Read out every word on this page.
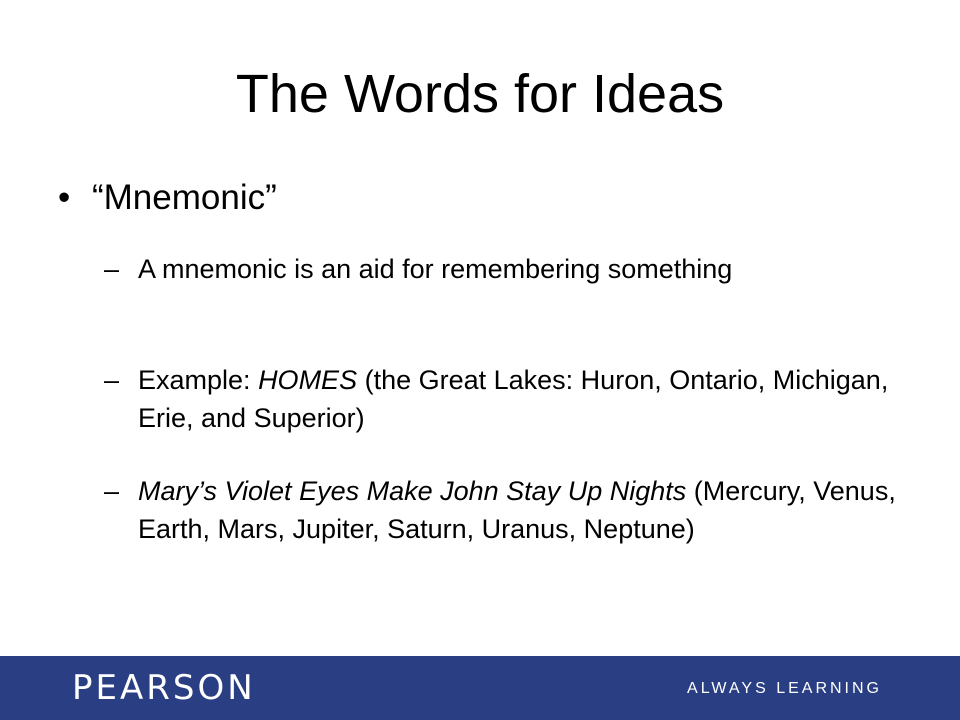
The Words for Ideas
• “Mnemonic”
– A mnemonic is an aid for remembering something
– Example: HOMES (the Great Lakes: Huron, Ontario, Michigan, Erie, and Superior)
– Mary’s Violet Eyes Make John Stay Up Nights (Mercury, Venus, Earth, Mars, Jupiter, Saturn, Uranus, Neptune)
PEARSON	ALWAYS LEARNING
